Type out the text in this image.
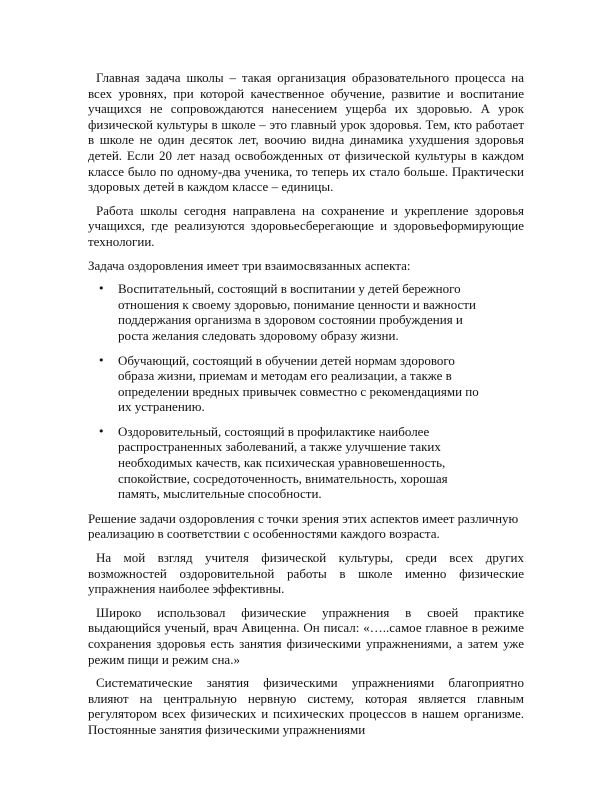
Главная задача школы – такая организация образовательного процесса на всех уровнях, при которой качественное обучение, развитие и воспитание учащихся не сопровождаются нанесением ущерба их здоровью. А урок физической культуры в школе – это главный урок здоровья. Тем, кто работает в школе не один десяток лет, воочию видна динамика ухудшения здоровья детей. Если 20 лет назад освобожденных от физической культуры в каждом классе было по одному-два ученика, то теперь их стало больше. Практически здоровых детей в каждом классе – единицы.

Работа школы сегодня направлена на сохранение и укрепление здоровья учащихся, где реализуются здоровьесберегающие и здоровьеформирующие технологии.

Задача оздоровления имеет три взаимосвязанных аспекта:

• Воспитательный, состоящий в воспитании у детей бережного отношения к своему здоровью, понимание ценности и важности поддержания организма в здоровом состоянии пробуждения и роста желания следовать здоровому образу жизни.
• Обучающий, состоящий в обучении детей нормам здорового образа жизни, приемам и методам его реализации, а также в определении вредных привычек совместно с рекомендациями по их устранению.
• Оздоровительный, состоящий в профилактике наиболее распространенных заболеваний, а также улучшение таких необходимых качеств, как психическая уравновешенность, спокойствие, сосредоточенность, внимательность, хорошая память, мыслительные способности.

Решение задачи оздоровления с точки зрения этих аспектов имеет различную реализацию в соответствии с особенностями каждого возраста.

На мой взгляд учителя физической культуры, среди всех других возможностей оздоровительной работы в школе именно физические упражнения наиболее эффективны.

Широко использовал физические упражнения в своей практике выдающийся ученый, врач Авиценна. Он писал: «…..самое главное в режиме сохранения здоровья есть занятия физическими упражнениями, а затем уже режим пищи и режим сна.»

Систематические занятия физическими упражнениями благоприятно влияют на центральную нервную систему, которая является главным регулятором всех физических и психических процессов в нашем организме. Постоянные занятия физическими упражнениями
